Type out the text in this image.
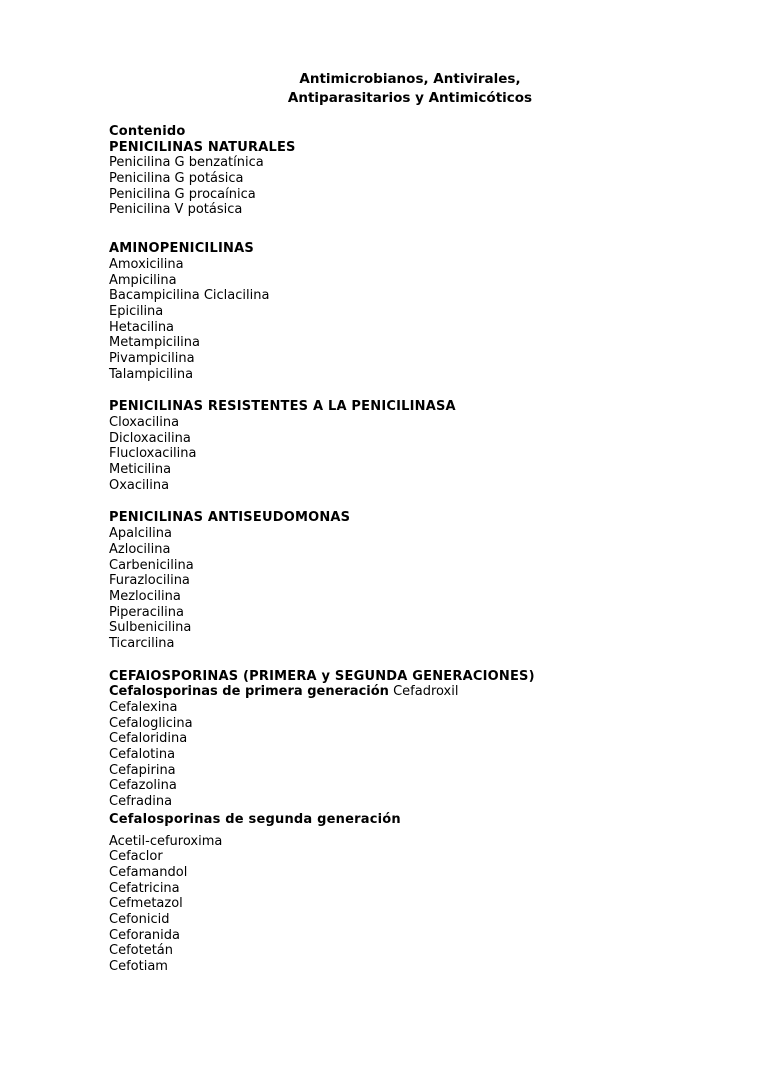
Antimicrobianos, Antivirales,
Antiparasitarios y Antimicóticos
Contenido
PENICILINAS NATURALES
Penicilina G benzatínica
Penicilina G potásica
Penicilina G procaínica
Penicilina V potásica
AMINOPENICILINAS
Amoxicilina
Ampicilina
Bacampicilina Ciclacilina
Epicilina
Hetacilina
Metampicilina
Pivampicilina
Talampicilina
PENICILINAS RESISTENTES A LA PENICILINASA
Cloxacilina
Dicloxacilina
Flucloxacilina
Meticilina
Oxacilina
PENICILINAS ANTISEUDOMONAS
Apalcilina
Azlocilina
Carbenicilina
Furazlocilina
Mezlocilina
Piperacilina
Sulbenicilina
Ticarcilina
CEFAlOSPORINAS (PRIMERA y SEGUNDA GENERACIONES)
Cefalosporinas de primera generación Cefadroxil
Cefalexina
Cefaloglicina
Cefaloridina
Cefalotina
Cefapirina
Cefazolina
Cefradina
Cefalosporinas de segunda generación
Acetil-cefuroxima
Cefaclor
Cefamandol
Cefatricina
Cefmetazol
Cefonicid
Ceforanida
Cefotetán
Cefotiam
